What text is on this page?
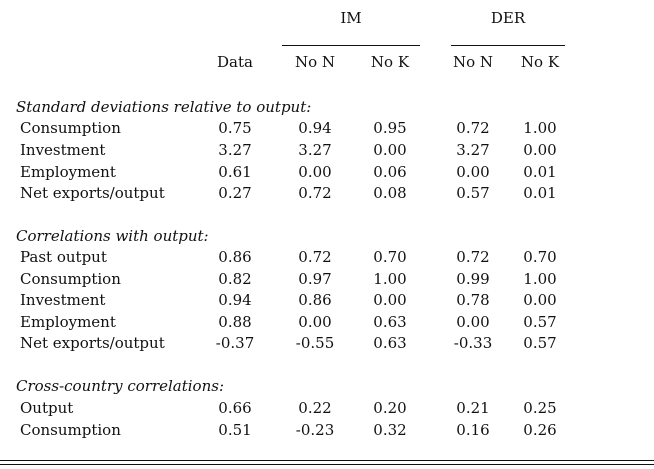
IM	DER
Data	No N	No K	No N	No K
Standard deviations relative to output:
Consumption	0.75	0.94	0.95	0.72	1.00
Investment	3.27	3.27	0.00	3.27	0.00
Employment	0.61	0.00	0.06	0.00	0.01
Net exports/output	0.27	0.72	0.08	0.57	0.01
Correlations with output:
Past output	0.86	0.72	0.70	0.72	0.70
Consumption	0.82	0.97	1.00	0.99	1.00
Investment	0.94	0.86	0.00	0.78	0.00
Employment	0.88	0.00	0.63	0.00	0.57
Net exports/output	-0.37	-0.55	0.63	-0.33	0.57
Cross-country correlations:
Output	0.66	0.22	0.20	0.21	0.25
Consumption	0.51	-0.23	0.32	0.16	0.26
